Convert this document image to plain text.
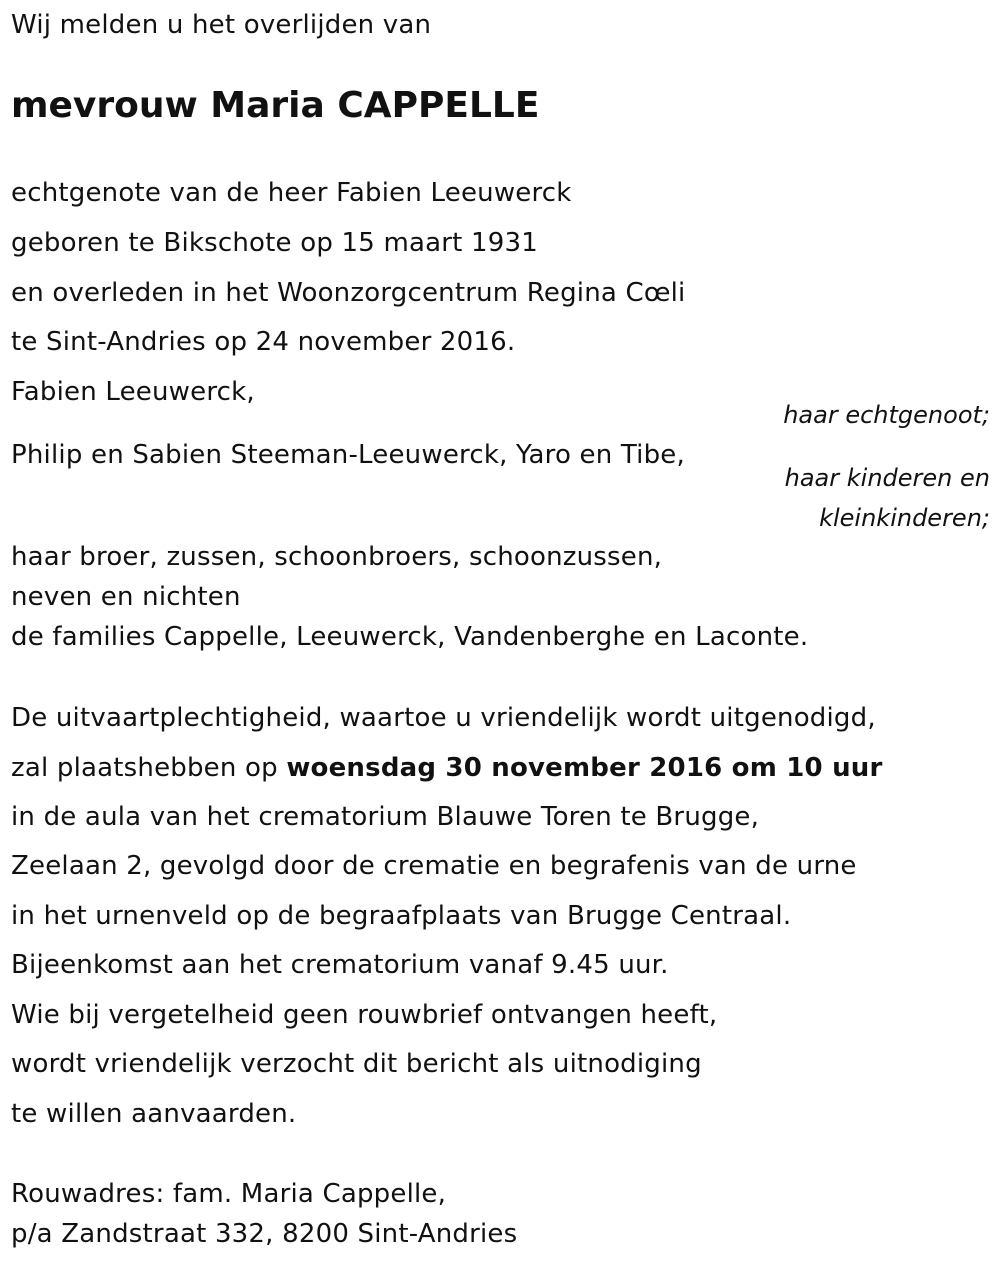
Wij melden u het overlijden van
mevrouw Maria CAPPELLE
echtgenote van de heer Fabien Leeuwerck
geboren te Bikschote op 15 maart 1931
en overleden in het Woonzorgcentrum Regina Cœli
te Sint-Andries op 24 november 2016.
Fabien Leeuwerck,
haar echtgenoot;
Philip en Sabien Steeman-Leeuwerck, Yaro en Tibe,
haar kinderen en
kleinkinderen;
haar broer, zussen, schoonbroers, schoonzussen,
neven en nichten
de families Cappelle, Leeuwerck, Vandenberghe en Laconte.
De uitvaartplechtigheid, waartoe u vriendelijk wordt uitgenodigd,
zal plaatshebben op woensdag 30 november 2016 om 10 uur
in de aula van het crematorium Blauwe Toren te Brugge,
Zeelaan 2, gevolgd door de crematie en begrafenis van de urne
in het urnenveld op de begraafplaats van Brugge Centraal.
Bijeenkomst aan het crematorium vanaf 9.45 uur.
Wie bij vergetelheid geen rouwbrief ontvangen heeft,
wordt vriendelijk verzocht dit bericht als uitnodiging
te willen aanvaarden.
Rouwadres: fam. Maria Cappelle,
p/a Zandstraat 332, 8200 Sint-Andries
